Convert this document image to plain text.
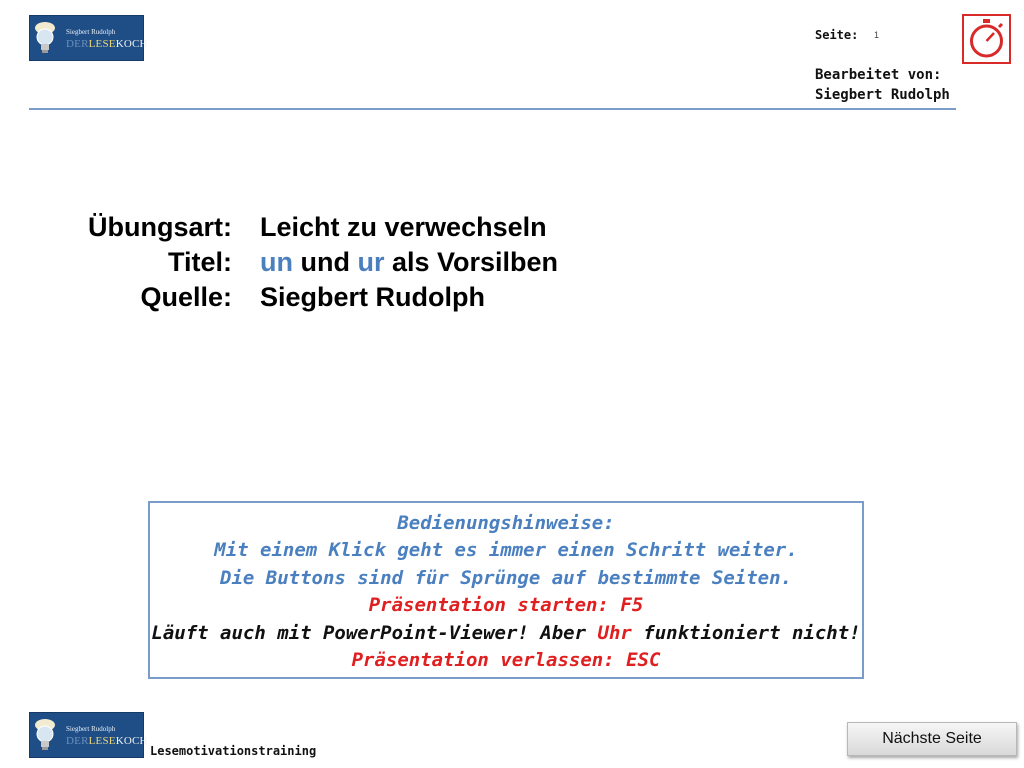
Siegbert Rudolph
DERLESEKOCH
Seite: 1
Bearbeitet von:
Siegbert Rudolph
Übungsart: Leicht zu verwechseln
Titel: un und ur als Vorsilben
Quelle: Siegbert Rudolph
Bedienungshinweise:
Mit einem Klick geht es immer einen Schritt weiter.
Die Buttons sind für Sprünge auf bestimmte Seiten.
Präsentation starten: F5
Läuft auch mit PowerPoint-Viewer! Aber Uhr funktioniert nicht!
Präsentation verlassen: ESC
Siegbert Rudolph
DERLESEKOCH
Lesemotivationstraining
Nächste Seite
